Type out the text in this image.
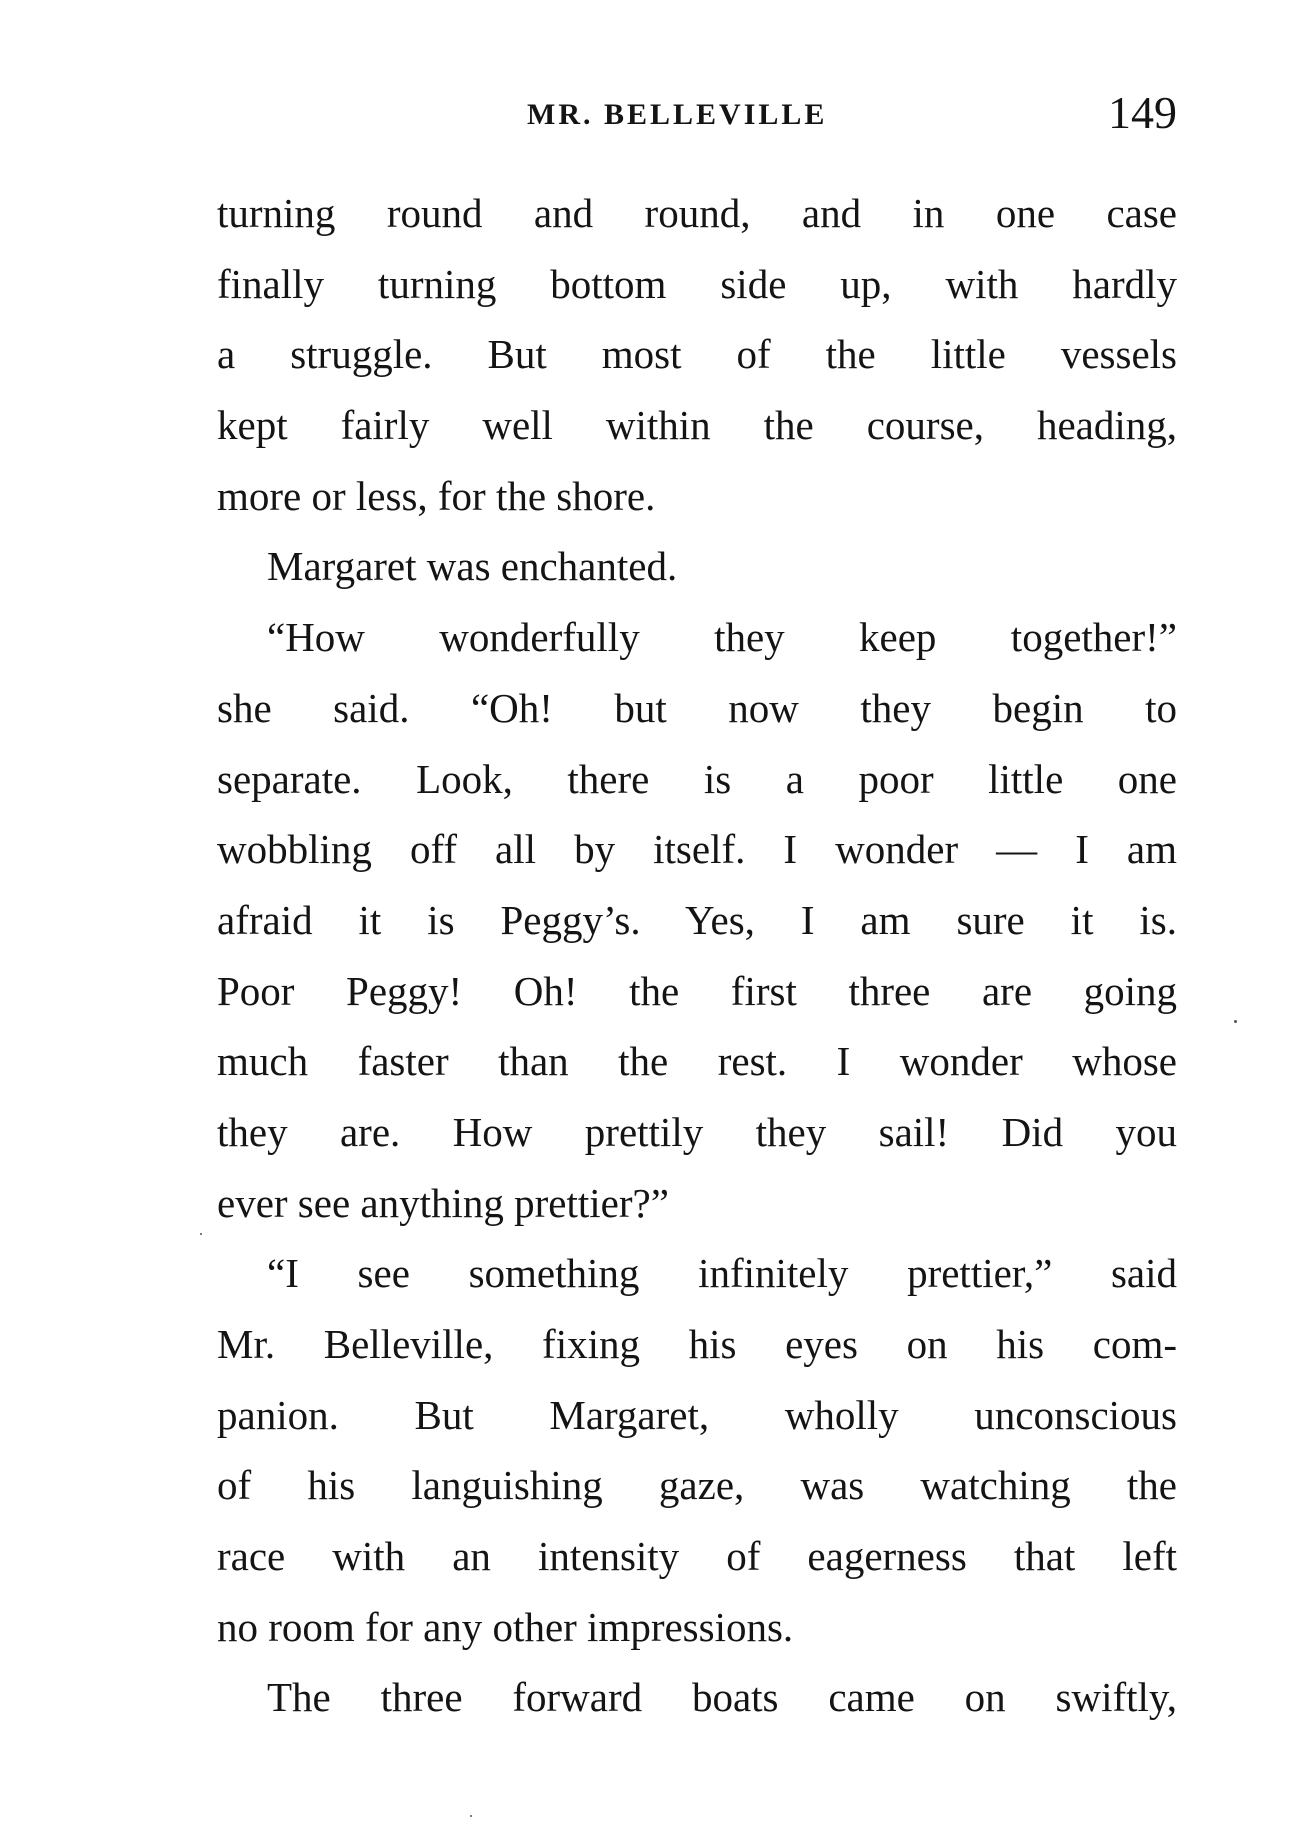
MR. BELLEVILLE	149
turning round and round, and in one case
finally turning bottom side up, with hardly
a struggle. But most of the little vessels
kept fairly well within the course, heading,
more or less, for the shore.
Margaret was enchanted.
“How wonderfully they keep together!”
she said. “Oh! but now they begin to
separate. Look, there is a poor little one
wobbling off all by itself. I wonder — I am
afraid it is Peggy’s. Yes, I am sure it is.
Poor Peggy! Oh! the first three are going
much faster than the rest. I wonder whose
they are. How prettily they sail! Did you
ever see anything prettier?”
“I see something infinitely prettier,” said
Mr. Belleville, fixing his eyes on his com-
panion. But Margaret, wholly unconscious
of his languishing gaze, was watching the
race with an intensity of eagerness that left
no room for any other impressions.
The three forward boats came on swiftly,
